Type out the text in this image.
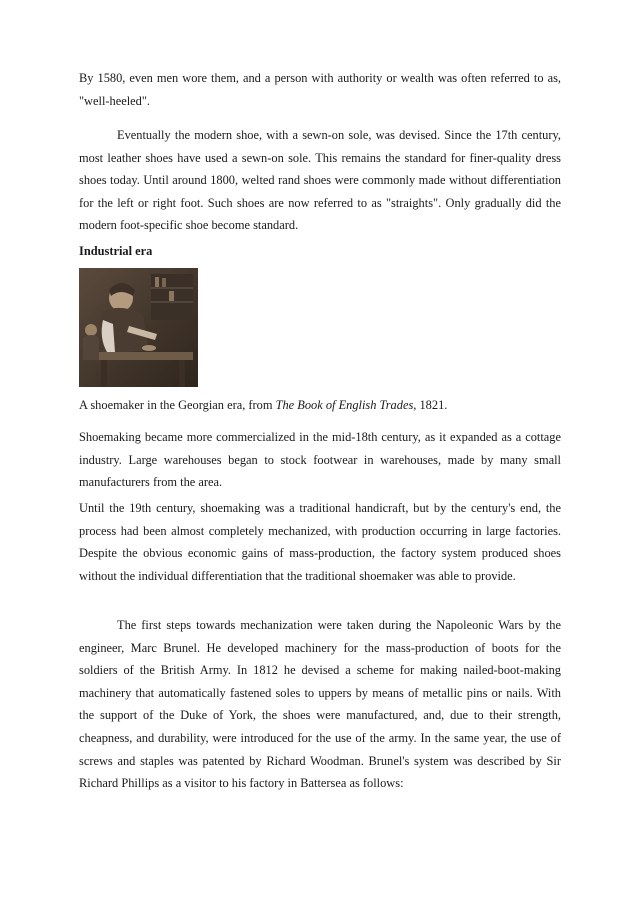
By 1580, even men wore them, and a person with authority or wealth was often referred to as, "well-heeled".

Eventually the modern shoe, with a sewn-on sole, was devised. Since the 17th century, most leather shoes have used a sewn-on sole. This remains the standard for finer-quality dress shoes today. Until around 1800, welted rand shoes were commonly made without differentiation for the left or right foot. Such shoes are now referred to as "straights". Only gradually did the modern foot-specific shoe become standard.

Industrial era

A shoemaker in the Georgian era, from The Book of English Trades, 1821.

Shoemaking became more commercialized in the mid-18th century, as it expanded as a cottage industry. Large warehouses began to stock footwear in warehouses, made by many small manufacturers from the area.

Until the 19th century, shoemaking was a traditional handicraft, but by the century's end, the process had been almost completely mechanized, with production occurring in large factories. Despite the obvious economic gains of mass-production, the factory system produced shoes without the individual differentiation that the traditional shoemaker was able to provide.

The first steps towards mechanization were taken during the Napoleonic Wars by the engineer, Marc Brunel. He developed machinery for the mass-production of boots for the soldiers of the British Army. In 1812 he devised a scheme for making nailed-boot-making machinery that automatically fastened soles to uppers by means of metallic pins or nails. With the support of the Duke of York, the shoes were manufactured, and, due to their strength, cheapness, and durability, were introduced for the use of the army. In the same year, the use of screws and staples was patented by Richard Woodman. Brunel's system was described by Sir Richard Phillips as a visitor to his factory in Battersea as follows:
